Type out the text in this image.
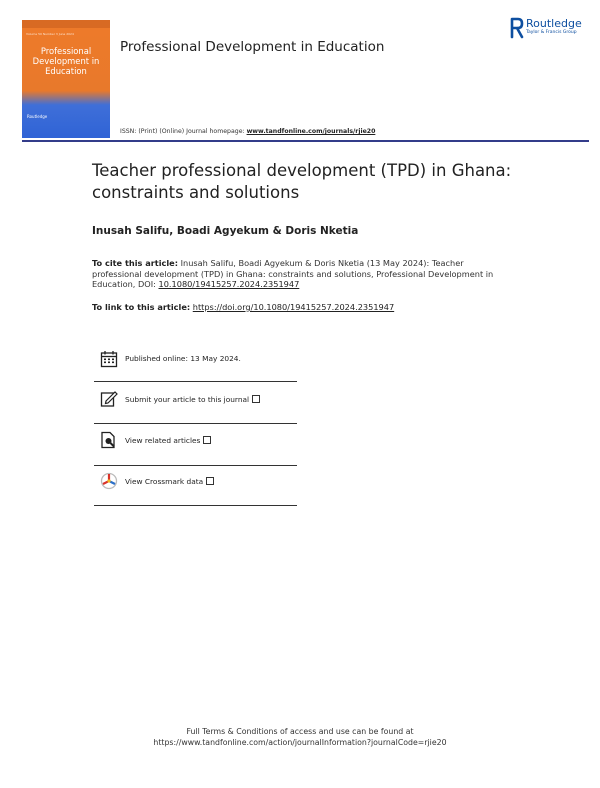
Volume 50 Number 3 June 2024
Professional Development in Education
Routledge
Professional Development in Education
Routledge
Taylor & Francis Group
ISSN: (Print) (Online) Journal homepage: www.tandfonline.com/journals/rjie20
Teacher professional development (TPD) in Ghana: constraints and solutions
Inusah Salifu, Boadi Agyekum & Doris Nketia
To cite this article: Inusah Salifu, Boadi Agyekum & Doris Nketia (13 May 2024): Teacher professional development (TPD) in Ghana: constraints and solutions, Professional Development in Education, DOI: 10.1080/19415257.2024.2351947
To link to this article: https://doi.org/10.1080/19415257.2024.2351947
Published online: 13 May 2024.
Submit your article to this journal
View related articles
View Crossmark data
Full Terms & Conditions of access and use can be found at
https://www.tandfonline.com/action/journalInformation?journalCode=rjie20
